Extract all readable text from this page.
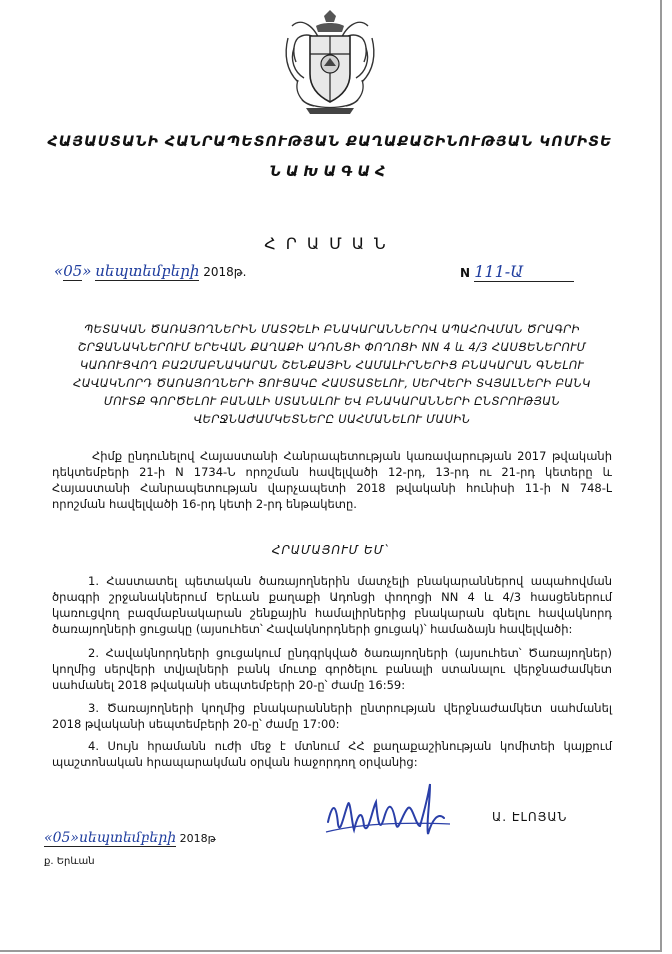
ՀԱՅԱՍՏԱՆԻ ՀԱՆՐԱՊԵՏՈՒԹՅԱՆ ՔԱՂԱՔԱՇԻՆՈՒԹՅԱՆ ԿՈՄԻՏԵ
ՆԱԽԱԳԱՀ
ՀՐԱՄԱՆ
«05» սեպտեմբերի 2018թ.	N 111-Ա
ՊԵՏԱԿԱՆ ԾԱՌԱՅՈՂՆԵՐԻՆ ՄԱՏՉԵԼԻ ԲՆԱԿԱՐԱՆՆԵՐՈՎ ԱՊԱՀՈՎՄԱՆ ԾՐԱԳՐԻ
ՇՐՋԱՆԱԿՆԵՐՈՒՄ ԵՐԵՎԱՆ ՔԱՂԱՔԻ ԱԴՈՆՑԻ ՓՈՂՈՑԻ NN 4 և 4/3 ՀԱՍՑԵՆԵՐՈՒՄ
ԿԱՌՈՒՑՎՈՂ ԲԱԶՄԱԲՆԱԿԱՐԱՆ ՇԵՆՔԱՅԻՆ ՀԱՄԱԼԻՐՆԵՐԻՑ ԲՆԱԿԱՐԱՆ ԳՆԵԼՈՒ
ՀԱՎԱԿՆՈՐԴ ԾԱՌԱՅՈՂՆԵՐԻ ՑՈՒՑԱԿԸ ՀԱՍՏԱՏԵԼՈՒ, ՍԵՐՎԵՐԻ ՏՎՅԱԼՆԵՐԻ ԲԱՆԿ
ՄՈՒՏՔ ԳՈՐԾԵԼՈՒ ԲԱՆԱԼԻ ՍՏԱՆԱԼՈՒ ԵՎ ԲՆԱԿԱՐԱՆՆԵՐԻ ԸՆՏՐՈՒԹՅԱՆ
ՎԵՐՋՆԱԺԱՄԿԵՏՆԵՐԸ ՍԱՀՄԱՆԵԼՈՒ ՄԱՍԻՆ
Հիմք ընդունելով Հայաստանի Հանրապետության կառավարության 2017 թվականի դեկտեմբերի 21-ի N 1734-Ն որոշման հավելվածի 12-րդ, 13-րդ ու 21-րդ կետերը և Հայաստանի Հանրապետության վարչապետի 2018 թվականի հունիսի 11-ի N 748-Լ որոշման հավելվածի 16-րդ կետի 2-րդ ենթակետը.
ՀՐԱՄԱՅՈՒՄ ԵՄ՝
1. Հաստատել պետական ծառայողներին մատչելի բնակարաններով ապահովման ծրագրի շրջանակներում Երևան քաղաքի Ադոնցի փողոցի NN 4 և 4/3 հասցեներում կառուցվող բազմաբնակարան շենքային համալիրներից բնակարան գնելու հավակնորդ ծառայողների ցուցակը (այսուհետ՝ Հավակնորդների ցուցակ)՝ համաձայն հավելվածի:
2. Հավակնորդների ցուցակում ընդգրկված ծառայողների (այսուհետ՝ Ծառայողներ) կողմից սերվերի տվյալների բանկ մուտք գործելու բանալի ստանալու վերջնաժամկետ սահմանել 2018 թվականի սեպտեմբերի 20-ը՝ ժամը 16:59:
3. Ծառայողների կողմից բնակարանների ընտրության վերջնաժամկետ սահմանել 2018 թվականի սեպտեմբերի 20-ը՝ ժամը 17:00:
4. Սույն հրամանն ուժի մեջ է մտնում ՀՀ քաղաքաշինության կոմիտեի կայքում պաշտոնական հրապարակման օրվան հաջորդող օրվանից:
Ա. ԷԼՈՅԱՆ
«05»սեպտեմբերի 2018թ
ք. Երևան
